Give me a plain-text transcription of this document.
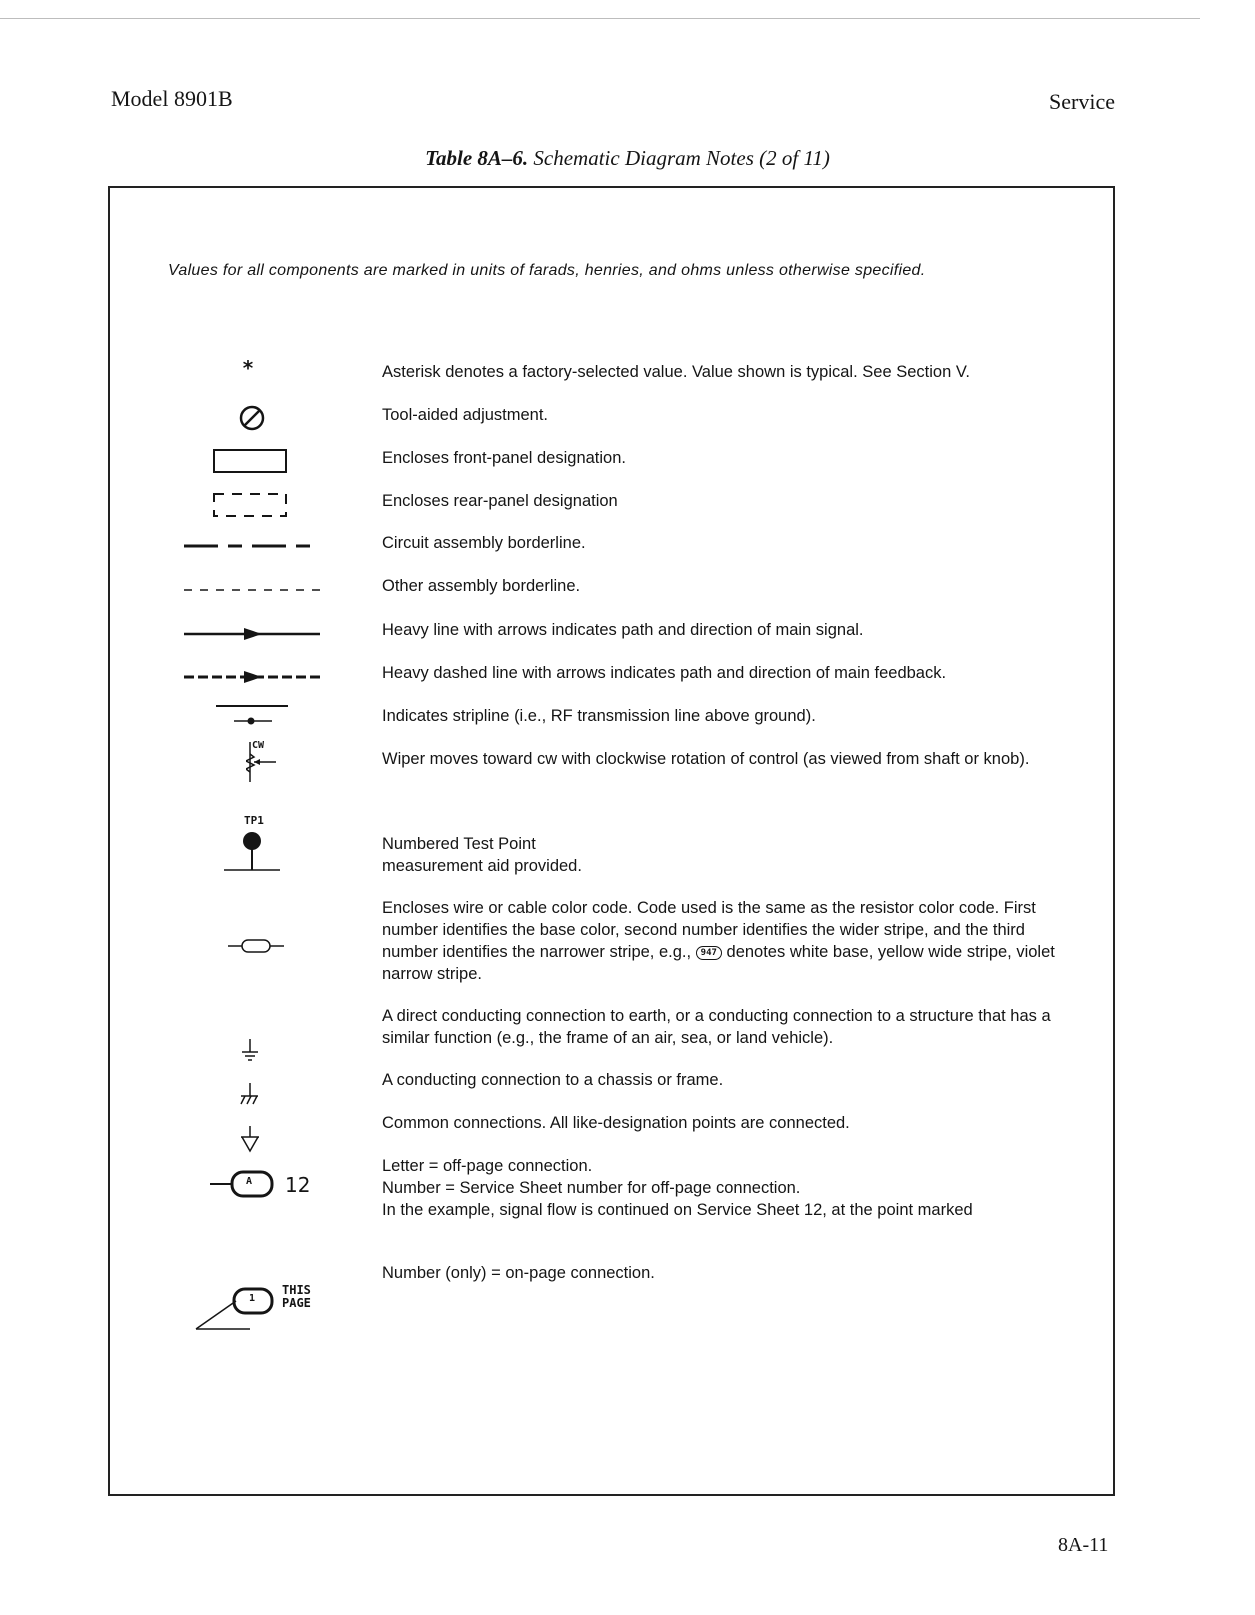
Model 8901B	Service
Table 8A–6. Schematic Diagram Notes (2 of 11)
Values for all components are marked in units of farads, henries, and ohms unless otherwise specified.
*
CW
TP1
A 12
1
THIS
PAGE
Asterisk denotes a factory-selected value. Value shown is typical. See Section V.
Tool-aided adjustment.
Encloses front-panel designation.
Encloses rear-panel designation
Circuit assembly borderline.
Other assembly borderline.
Heavy line with arrows indicates path and direction of main signal.
Heavy dashed line with arrows indicates path and direction of main feedback.
Indicates stripline (i.e., RF transmission line above ground).
Wiper moves toward cw with clockwise rotation of control (as viewed from shaft or knob).
Numbered Test Point
measurement aid provided.
Encloses wire or cable color code. Code used is the same as the resistor color code. First number identifies the base color, second number identifies the wider stripe, and the third number identifies the narrower stripe, e.g., 947 denotes white base, yellow wide stripe, violet narrow stripe.
A direct conducting connection to earth, or a conducting connection to a structure that has a similar function (e.g., the frame of an air, sea, or land vehicle).
A conducting connection to a chassis or frame.
Common connections. All like-designation points are connected.
Letter = off-page connection.
Number = Service Sheet number for off-page connection.
In the example, signal flow is continued on Service Sheet 12, at the point marked
Number (only) = on-page connection.
8A-11
